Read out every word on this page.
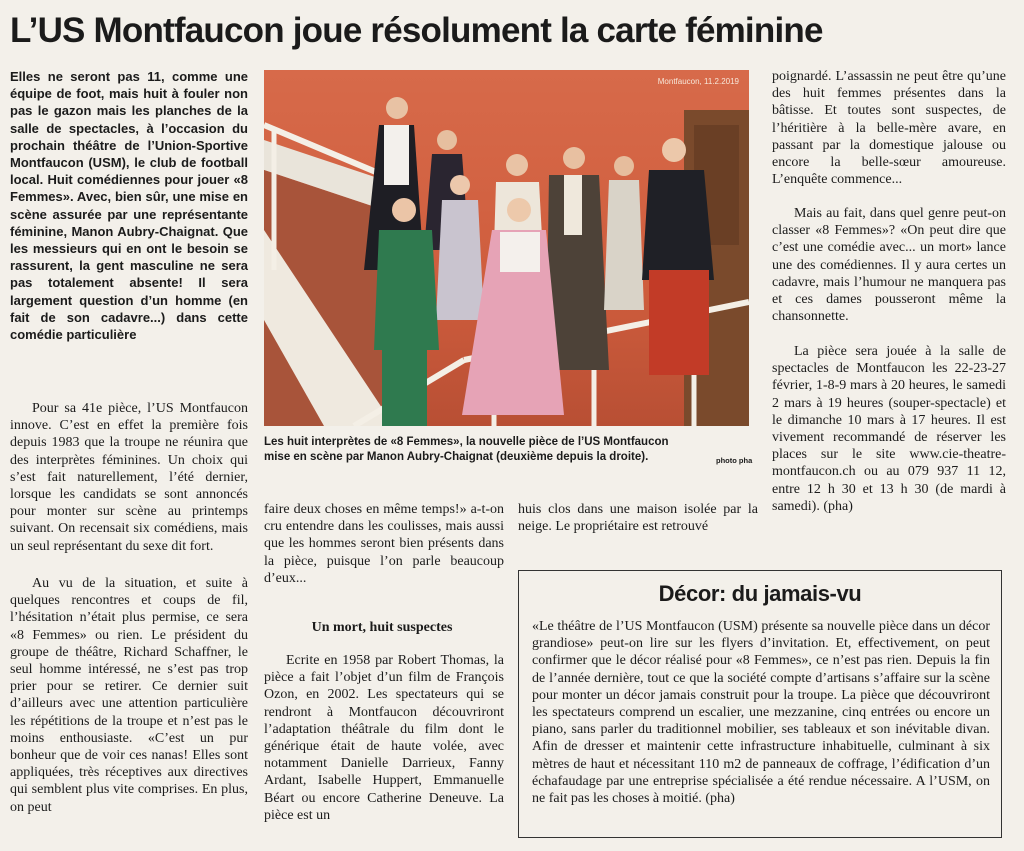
L’US Montfaucon joue résolument la carte féminine

Elles ne seront pas 11, comme une équipe de foot, mais huit à fouler non pas le gazon mais les planches de la salle de spectacles, à l’occasion du prochain théâtre de l’Union-Sportive Montfaucon (USM), le club de football local. Huit comédiennes pour jouer «8 Femmes». Avec, bien sûr, une mise en scène assurée par une représentante féminine, Manon Aubry-Chaignat. Que les messieurs qui en ont le besoin se rassurent, la gent masculine ne sera pas totalement absente! Il sera largement question d’un homme (en fait de son cadavre...) dans cette comédie particulière

Pour sa 41e pièce, l’US Montfaucon innove. C’est en effet la première fois depuis 1983 que la troupe ne réunira que des interprètes féminines. Un choix qui s’est fait naturellement, l’été dernier, lorsque les candidats se sont annoncés pour monter sur scène au printemps suivant. On recensait six comédiens, mais un seul représentant du sexe dit fort.

Au vu de la situation, et suite à quelques rencontres et coups de fil, l’hésitation n’était plus permise, ce sera «8 Femmes» ou rien. Le président du groupe de théâtre, Richard Schaffner, le seul homme intéressé, ne s’est pas trop prier pour se retirer. Ce dernier suit d’ailleurs avec une attention particulière les répétitions de la troupe et n’est pas le moins enthousiaste. «C’est un pur bonheur que de voir ces nanas! Elles sont appliquées, très réceptives aux directives qui semblent plus vite comprises. En plus, on peut

Montfaucon, 11.2.2019

Les huit interprètes de «8 Femmes», la nouvelle pièce de l’US Montfaucon mise en scène par Manon Aubry-Chaignat (deuxième depuis la droite).	photo pha

faire deux choses en même temps!» a-t-on cru entendre dans les coulisses, mais aussi que les hommes seront bien présents dans la pièce, puisque l’on parle beaucoup d’eux...

Un mort, huit suspectes

Ecrite en 1958 par Robert Thomas, la pièce a fait l’objet d’un film de François Ozon, en 2002. Les spectateurs qui se rendront à Montfaucon découvriront l’adaptation théâtrale du film dont le générique était de haute volée, avec notamment Danielle Darrieux, Fanny Ardant, Isabelle Huppert, Emmanuelle Béart ou encore Catherine Deneuve. La pièce est un

huis clos dans une maison isolée par la neige. Le propriétaire est retrouvé

poignardé. L’assassin ne peut être qu’une des huit femmes présentes dans la bâtisse. Et toutes sont suspectes, de l’héritière à la belle-mère avare, en passant par la domestique jalouse ou encore la belle-sœur amoureuse. L’enquête commence...

Mais au fait, dans quel genre peut-on classer «8 Femmes»? «On peut dire que c’est une comédie avec... un mort» lance une des comédiennes. Il y aura certes un cadavre, mais l’humour ne manquera pas et ces dames pousseront même la chansonnette.

La pièce sera jouée à la salle de spectacles de Montfaucon les 22-23-27 février, 1-8-9 mars à 20 heures, le samedi 2 mars à 19 heures (souper-spectacle) et le dimanche 10 mars à 17 heures. Il est vivement recommandé de réserver les places sur le site www.cie-theatre-montfaucon.ch ou au 079 937 11 12, entre 12 h 30 et 13 h 30 (de mardi à samedi). (pha)

Décor: du jamais-vu

«Le théâtre de l’US Montfaucon (USM) présente sa nouvelle pièce dans un décor grandiose» peut-on lire sur les flyers d’invitation. Et, effectivement, on peut confirmer que le décor réalisé pour «8 Femmes», ce n’est pas rien. Depuis la fin de l’année dernière, tout ce que la société compte d’artisans s’affaire sur la scène pour monter un décor jamais construit pour la troupe. La pièce que découvriront les spectateurs comprend un escalier, une mezzanine, cinq entrées ou encore un piano, sans parler du traditionnel mobilier, ses tableaux et son inévitable divan. Afin de dresser et maintenir cette infrastructure inhabituelle, culminant à six mètres de haut et nécessitant 110 m2 de panneaux de coffrage, l’édification d’un échafaudage par une entreprise spécialisée a été rendue nécessaire. A l’USM, on ne fait pas les choses à moitié. (pha)
